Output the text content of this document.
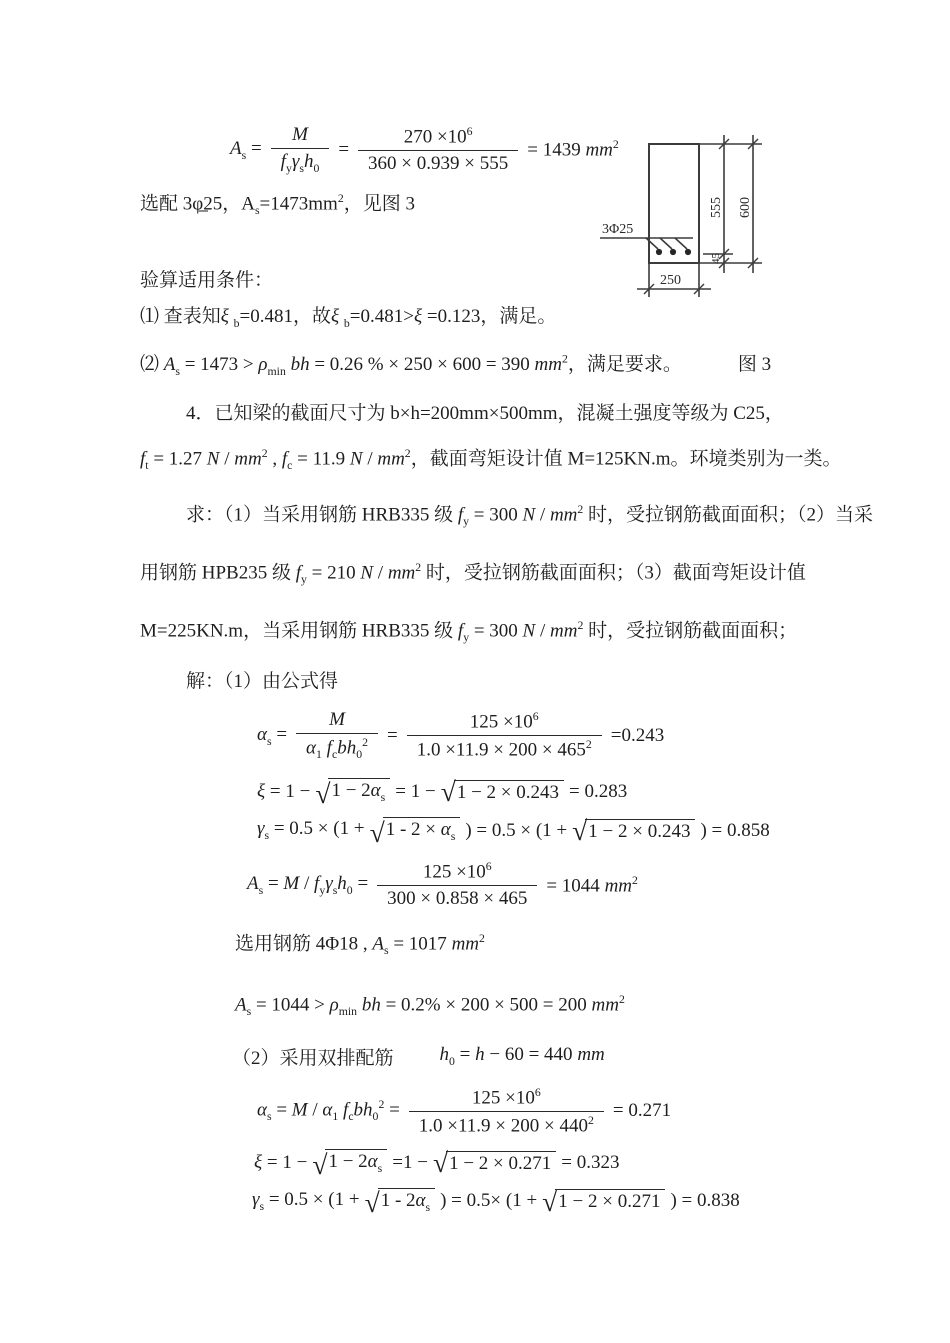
3Φ25
555
45
600
250
$A_s = \frac{M}{f_y\gamma_sh_0} = \frac{270 \times 10^6}{360 \times 0.939 \times 555} = 1439$ $mm^2$

选配 3φ̲25，$A_s=1473mm^2$，见图 3

验算适用条件：

⑴ 查表知ξ $_b$=0.481，故ξ $_b$=0.481>ξ =0.123，满足。

⑵ $A_s = 1473 > \rho_{min}$ bh = 0.26 % × 250 × 600 = 390 $mm^2$，满足要求。	图 3

4．已知梁的截面尺寸为 b×h=200mm×500mm，混凝土强度等级为 C25，

$f_t = 1.27$ N / $mm^2$ , $f_c = 11.9$ N / $mm^2$，截面弯矩设计值 M=125KN.m。环境类别为一类。

求：（1）当采用钢筋 HRB335 级 $f_y = 300$ N / $mm^2$ 时，受拉钢筋截面面积；（2）当采

用钢筋 HPB235 级 $f_y = 210$ N / $mm^2$ 时，受拉钢筋截面面积；（3）截面弯矩设计值

M=225KN.m，当采用钢筋 HRB335 级 $f_y = 300$ N / $mm^2$ 时，受拉钢筋截面面积；

解：（1）由公式得

$\alpha_s = \frac{M}{\alpha_1 f_cbh_0^2} = \frac{125 \times 10^6}{1.0 \times 11.9 \times 200 \times 465^2} =0.243$
ξ = 1 − √ $1 - 2\alpha_s = 1$ − √ 1 − 2 × 0.243 = 0.283
$\gamma_s = 0.5 \times (1$ + √ $1 - 2 \times \alpha_s$ ) = 0.5 × (1 + √ 1 − 2 × 0.243 ) = 0.858
$A_s = M / f_y\gamma_sh_0 = \frac{125 \times 10^6}{300 \times 0.858 \times 465} = 1044$ $mm^2$

选用钢筋 4Φ18 , $A_s = 1017$ $mm^2$

$A_s = 1044 > \rho_{min}$ bh = 0.2% × 200 × 500 = 200 $mm^2$

（2）采用双排配筋 $h_0 = h - 60 = 440$ mm
$\alpha_s = M / \alpha_1$ $f_cbh_0^2 = \frac{125 \times 10^6}{1.0 \times 11.9 \times 200 \times 440^2} = 0.271$
ξ = 1 − √ $1 - 2\alpha_s =1$ − √ 1 − 2 × 0.271 = 0.323
$\gamma_s = 0.5 \times (1$ + √ $1 - 2\alpha_s$ ) = 0.5× (1 + √ 1 − 2 × 0.271 ) = 0.838
